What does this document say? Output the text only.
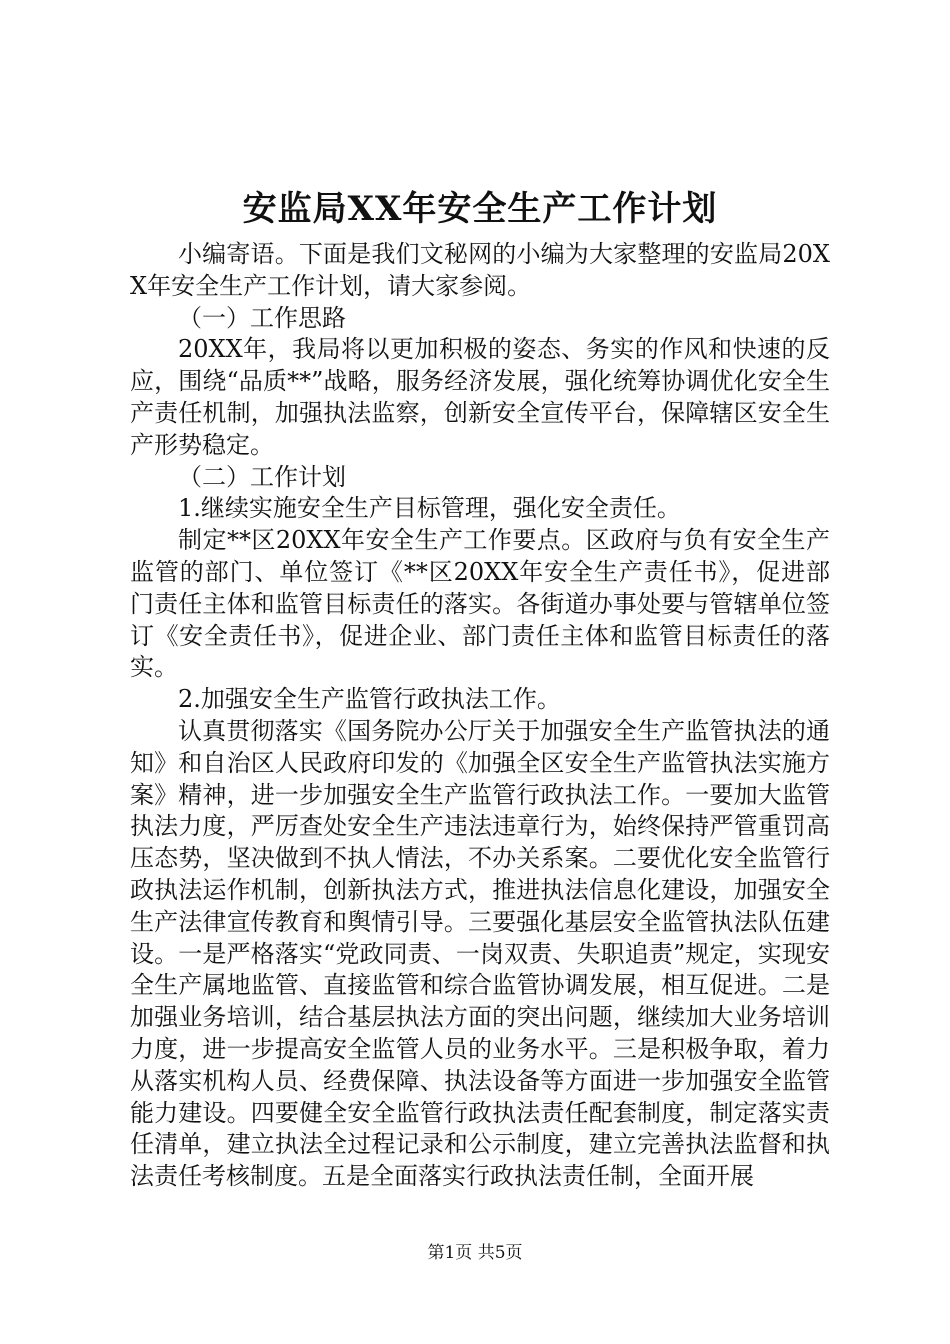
安监局XX年安全生产工作计划

小编寄语。下面是我们文秘网的小编为大家整理的安监局20XX年安全生产工作计划，请大家参阅。

（一）工作思路

20XX年，我局将以更加积极的姿态、务实的作风和快速的反应，围绕“品质**”战略，服务经济发展，强化统筹协调优化安全生产责任机制，加强执法监察，创新安全宣传平台，保障辖区安全生产形势稳定。

（二）工作计划

1.继续实施安全生产目标管理，强化安全责任。

制定**区20XX年安全生产工作要点。区政府与负有安全生产监管的部门、单位签订《**区20XX年安全生产责任书》，促进部门责任主体和监管目标责任的落实。各街道办事处要与管辖单位签订《安全责任书》，促进企业、部门责任主体和监管目标责任的落实。

2.加强安全生产监管行政执法工作。

认真贯彻落实《国务院办公厅关于加强安全生产监管执法的通知》和自治区人民政府印发的《加强全区安全生产监管执法实施方案》精神，进一步加强安全生产监管行政执法工作。一要加大监管执法力度，严厉查处安全生产违法违章行为，始终保持严管重罚高压态势，坚决做到不执人情法，不办关系案。二要优化安全监管行政执法运作机制，创新执法方式，推进执法信息化建设，加强安全生产法律宣传教育和舆情引导。三要强化基层安全监管执法队伍建设。一是严格落实“党政同责、一岗双责、失职追责”规定，实现安全生产属地监管、直接监管和综合监管协调发展，相互促进。二是加强业务培训，结合基层执法方面的突出问题，继续加大业务培训力度，进一步提高安全监管人员的业务水平。三是积极争取，着力从落实机构人员、经费保障、执法设备等方面进一步加强安全监管能力建设。四要健全安全监管行政执法责任配套制度，制定落实责任清单，建立执法全过程记录和公示制度，建立完善执法监督和执法责任考核制度。五是全面落实行政执法责任制，全面开展

第1页 共5页
